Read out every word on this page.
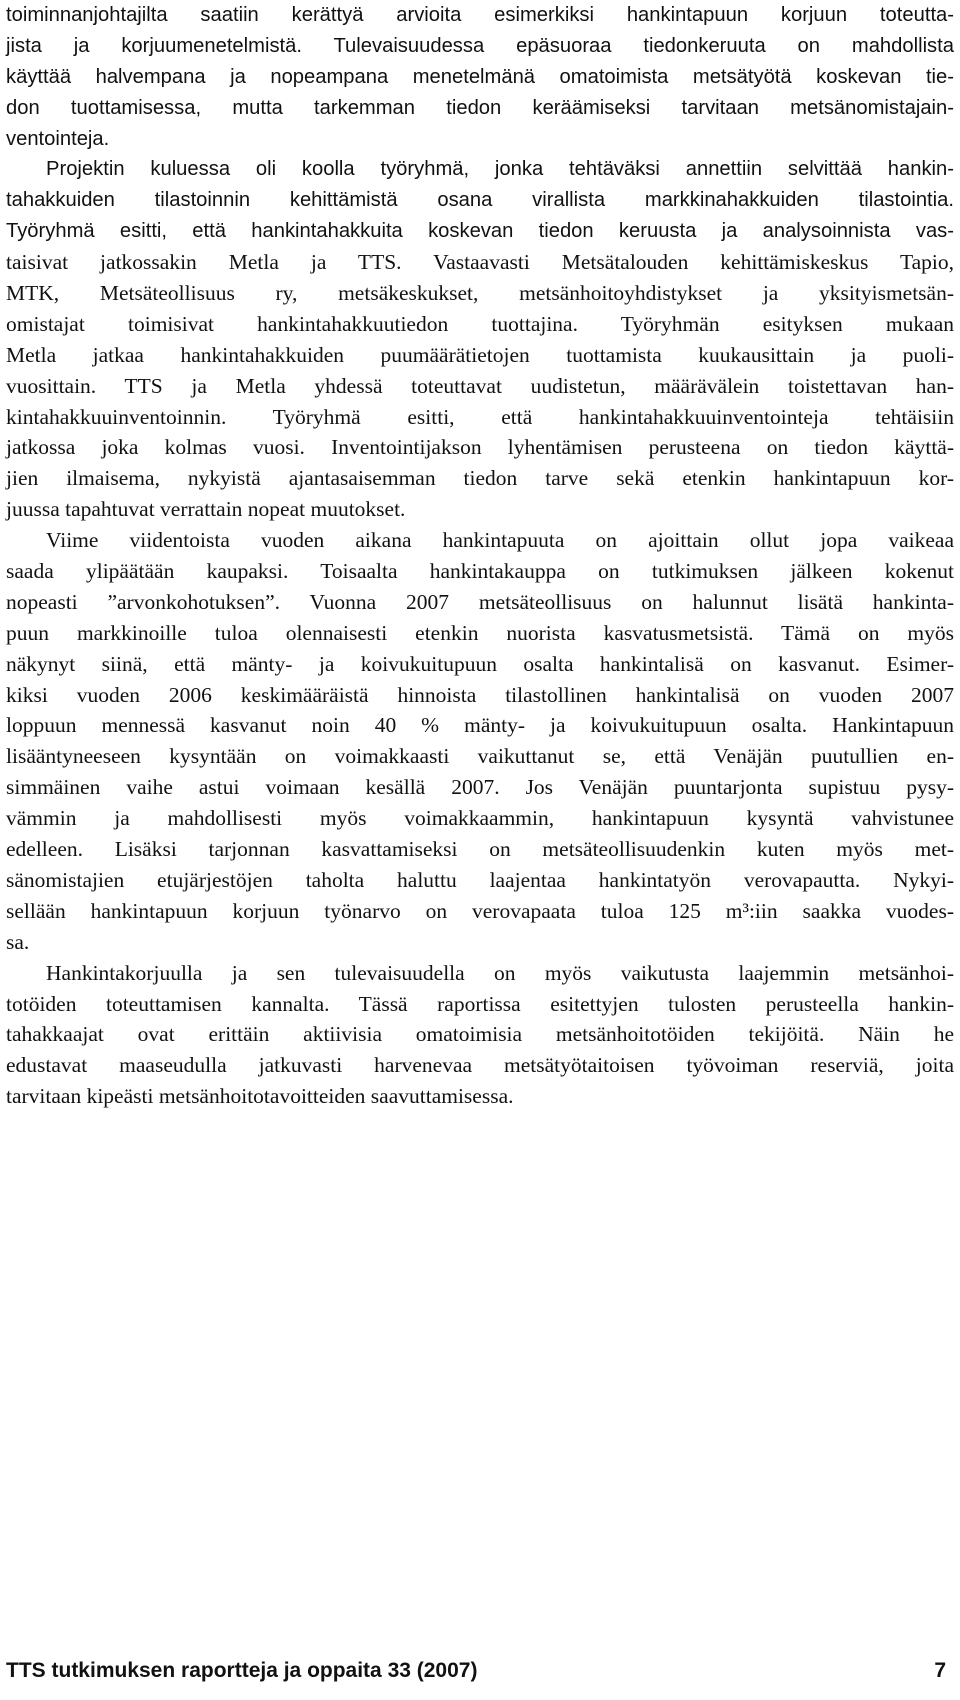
toiminnanjohtajilta saatiin kerättyä arvioita esimerkiksi hankintapuun korjuun toteutta-
jista ja korjuumenetelmistä. Tulevaisuudessa epäsuoraa tiedonkeruuta on mahdollista
käyttää halvempana ja nopeampana menetelmänä omatoimista metsätyötä koskevan tie-
don tuottamisessa, mutta tarkemman tiedon keräämiseksi tarvitaan metsänomistajain-
ventointeja.
Projektin kuluessa oli koolla työryhmä, jonka tehtäväksi annettiin selvittää hankin-
tahakkuiden tilastoinnin kehittämistä osana virallista markkinahakkuiden tilastointia.
Työryhmä esitti, että hankintahakkuita koskevan tiedon keruusta ja analysoinnista vas-
taisivat jatkossakin Metla ja TTS. Vastaavasti Metsätalouden kehittämiskeskus Tapio,
MTK, Metsäteollisuus ry, metsäkeskukset, metsänhoitoyhdistykset ja yksityismetsän-
omistajat toimisivat hankintahakkuutiedon tuottajina. Työryhmän esityksen mukaan
Metla jatkaa hankintahakkuiden puumäärätietojen tuottamista kuukausittain ja puoli-
vuosittain. TTS ja Metla yhdessä toteuttavat uudistetun, määrävälein toistettavan han-
kintahakkuuinventoinnin. Työryhmä esitti, että hankintahakkuuinventointeja tehtäisiin
jatkossa joka kolmas vuosi. Inventointijakson lyhentämisen perusteena on tiedon käyttä-
jien ilmaisema, nykyistä ajantasaisemman tiedon tarve sekä etenkin hankintapuun kor-
juussa tapahtuvat verrattain nopeat muutokset.
Viime viidentoista vuoden aikana hankintapuuta on ajoittain ollut jopa vaikeaa
saada ylipäätään kaupaksi. Toisaalta hankintakauppa on tutkimuksen jälkeen kokenut
nopeasti ”arvonkohotuksen”. Vuonna 2007 metsäteollisuus on halunnut lisätä hankinta-
puun markkinoille tuloa olennaisesti etenkin nuorista kasvatusmetsistä. Tämä on myös
näkynyt siinä, että mänty- ja koivukuitupuun osalta hankintalisä on kasvanut. Esimer-
kiksi vuoden 2006 keskimääräistä hinnoista tilastollinen hankintalisä on vuoden 2007
loppuun mennessä kasvanut noin 40 % mänty- ja koivukuitupuun osalta. Hankintapuun
lisääntyneeseen kysyntään on voimakkaasti vaikuttanut se, että Venäjän puutullien en-
simmäinen vaihe astui voimaan kesällä 2007. Jos Venäjän puuntarjonta supistuu pysy-
vämmin ja mahdollisesti myös voimakkaammin, hankintapuun kysyntä vahvistunee
edelleen. Lisäksi tarjonnan kasvattamiseksi on metsäteollisuudenkin kuten myös met-
sänomistajien etujärjestöjen taholta haluttu laajentaa hankintatyön verovapautta. Nykyi-
sellään hankintapuun korjuun työnarvo on verovapaata tuloa 125 m³:iin saakka vuodes-
sa.
Hankintakorjuulla ja sen tulevaisuudella on myös vaikutusta laajemmin metsänhoi-
totöiden toteuttamisen kannalta. Tässä raportissa esitettyjen tulosten perusteella hankin-
tahakkaajat ovat erittäin aktiivisia omatoimisia metsänhoitotöiden tekijöitä. Näin he
edustavat maaseudulla jatkuvasti harvenevaa metsätyötaitoisen työvoiman reserviä, joita
tarvitaan kipeästi metsänhoitotavoitteiden saavuttamisessa.
TTS tutkimuksen raportteja ja oppaita 33 (2007)	7
